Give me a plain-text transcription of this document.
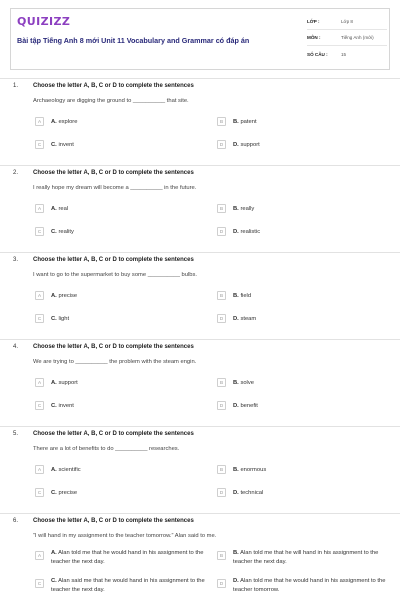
QUIZIZZ
Bài tập Tiếng Anh 8 mới Unit 11 Vocabulary and Grammar có đáp án
LỚP :	Lớp 8
MÔN :	Tiếng Anh (mới)
SỐ CÂU :	15
1. Choose the letter A, B, C or D to complete the sentences
Archaeology are digging the ground to __________ that site.
A	A. explore	B	B. patent
C	C. invent	D	D. support
2. Choose the letter A, B, C or D to complete the sentences
I really hope my dream will become a __________ in the future.
A	A. real	B	B. really
C	C. reality	D	D. realistic
3. Choose the letter A, B, C or D to complete the sentences
I want to go to the supermarket to buy some __________ bulbs.
A	A. precise	B	B. field
C	C. light	D	D. steam
4. Choose the letter A, B, C or D to complete the sentences
We are trying to __________ the problem with the steam engin.
A	A. support	B	B. solve
C	C. invent	D	D. benefit
5. Choose the letter A, B, C or D to complete the sentences
There are a lot of benefits to do __________ researches.
A	A. scientific	B	B. enormous
C	C. precise	D	D. technical
6. Choose the letter A, B, C or D to complete the sentences
“I will hand in my assignment to the teacher tomorrow.” Alan said to me.
A	A. Alan told me that he would hand in his assignment to the teacher the next day.
B	B. Alan told me that he will hand in his assignment to the teacher the next day.
C	C. Alan said me that he would hand in his assignment to the teacher the next day.
D	D. Alan told me that he would hand in his assignment to the teacher tomorrow.
